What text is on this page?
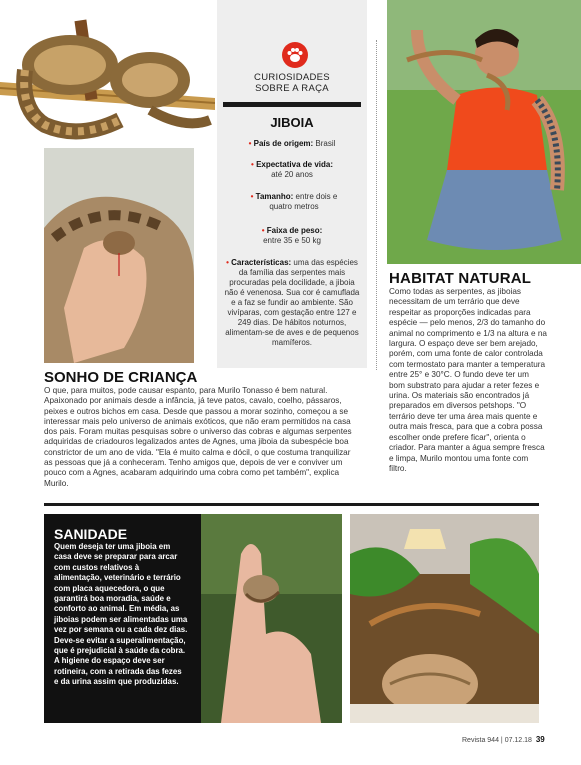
CURIOSIDADES
SOBRE A RAÇA
JIBOIA
• País de origem: Brasil
• Expectativa de vida:
até 20 anos
• Tamanho: entre dois e quatro metros
• Faixa de peso:
entre 35 e 50 kg
• Características: uma das espécies da família das serpentes mais procuradas pela docilidade, a jiboia não é venenosa. Sua cor é camuflada e a faz se fundir ao ambiente. São vivíparas, com gestação entre 127 e 249 dias. De hábitos noturnos, alimentam-se de aves e de pequenos mamíferos.
HABITAT NATURAL
Como todas as serpentes, as jiboias necessitam de um terrário que deve respeitar as proporções indicadas para espécie — pelo menos, 2/3 do tamanho do animal no comprimento e 1/3 na altura e na largura. O espaço deve ser bem arejado, porém, com uma fonte de calor controlada com termostato para manter a temperatura entre 25° e 30°C. O fundo deve ter um bom substrato para ajudar a reter fezes e urina. Os materiais são encontrados já preparados em diversos petshops. "O terrário deve ter uma área mais quente e outra mais fresca, para que a cobra possa escolher onde prefere ficar", orienta o criador. Para manter a água sempre fresca e limpa, Murilo montou uma fonte com filtro.
SONHO DE CRIANÇA
O que, para muitos, pode causar espanto, para Murilo Tonasso é bem natural. Apaixonado por animais desde a infância, já teve patos, cavalo, coelho, pássaros, peixes e outros bichos em casa. Desde que passou a morar sozinho, começou a se interessar mais pelo universo de animais exóticos, que não eram permitidos na casa dos pais. Foram muitas pesquisas sobre o universo das cobras e algumas serpentes adquiridas de criadouros legalizados antes de Agnes, uma jiboia da subespécie boa constrictor de um ano de vida. "Ela é muito calma e dócil, o que costuma tranquilizar as pessoas que já a conheceram. Tenho amigos que, depois de ver e conviver um pouco com a Agnes, acabaram adquirindo uma cobra como pet também", explica Murilo.
SANIDADE
Quem deseja ter uma jiboia em casa deve se preparar para arcar com custos relativos à alimentação, veterinário e terrário com placa aquecedora, o que garantirá boa moradia, saúde e conforto ao animal. Em média, as jiboias podem ser alimentadas uma vez por semana ou a cada dez dias. Deve-se evitar a superalimentação, que é prejudicial à saúde da cobra. A higiene do espaço deve ser rotineira, com a retirada das fezes e da urina assim que produzidas.
Revista 944 | 07.12.18 39
